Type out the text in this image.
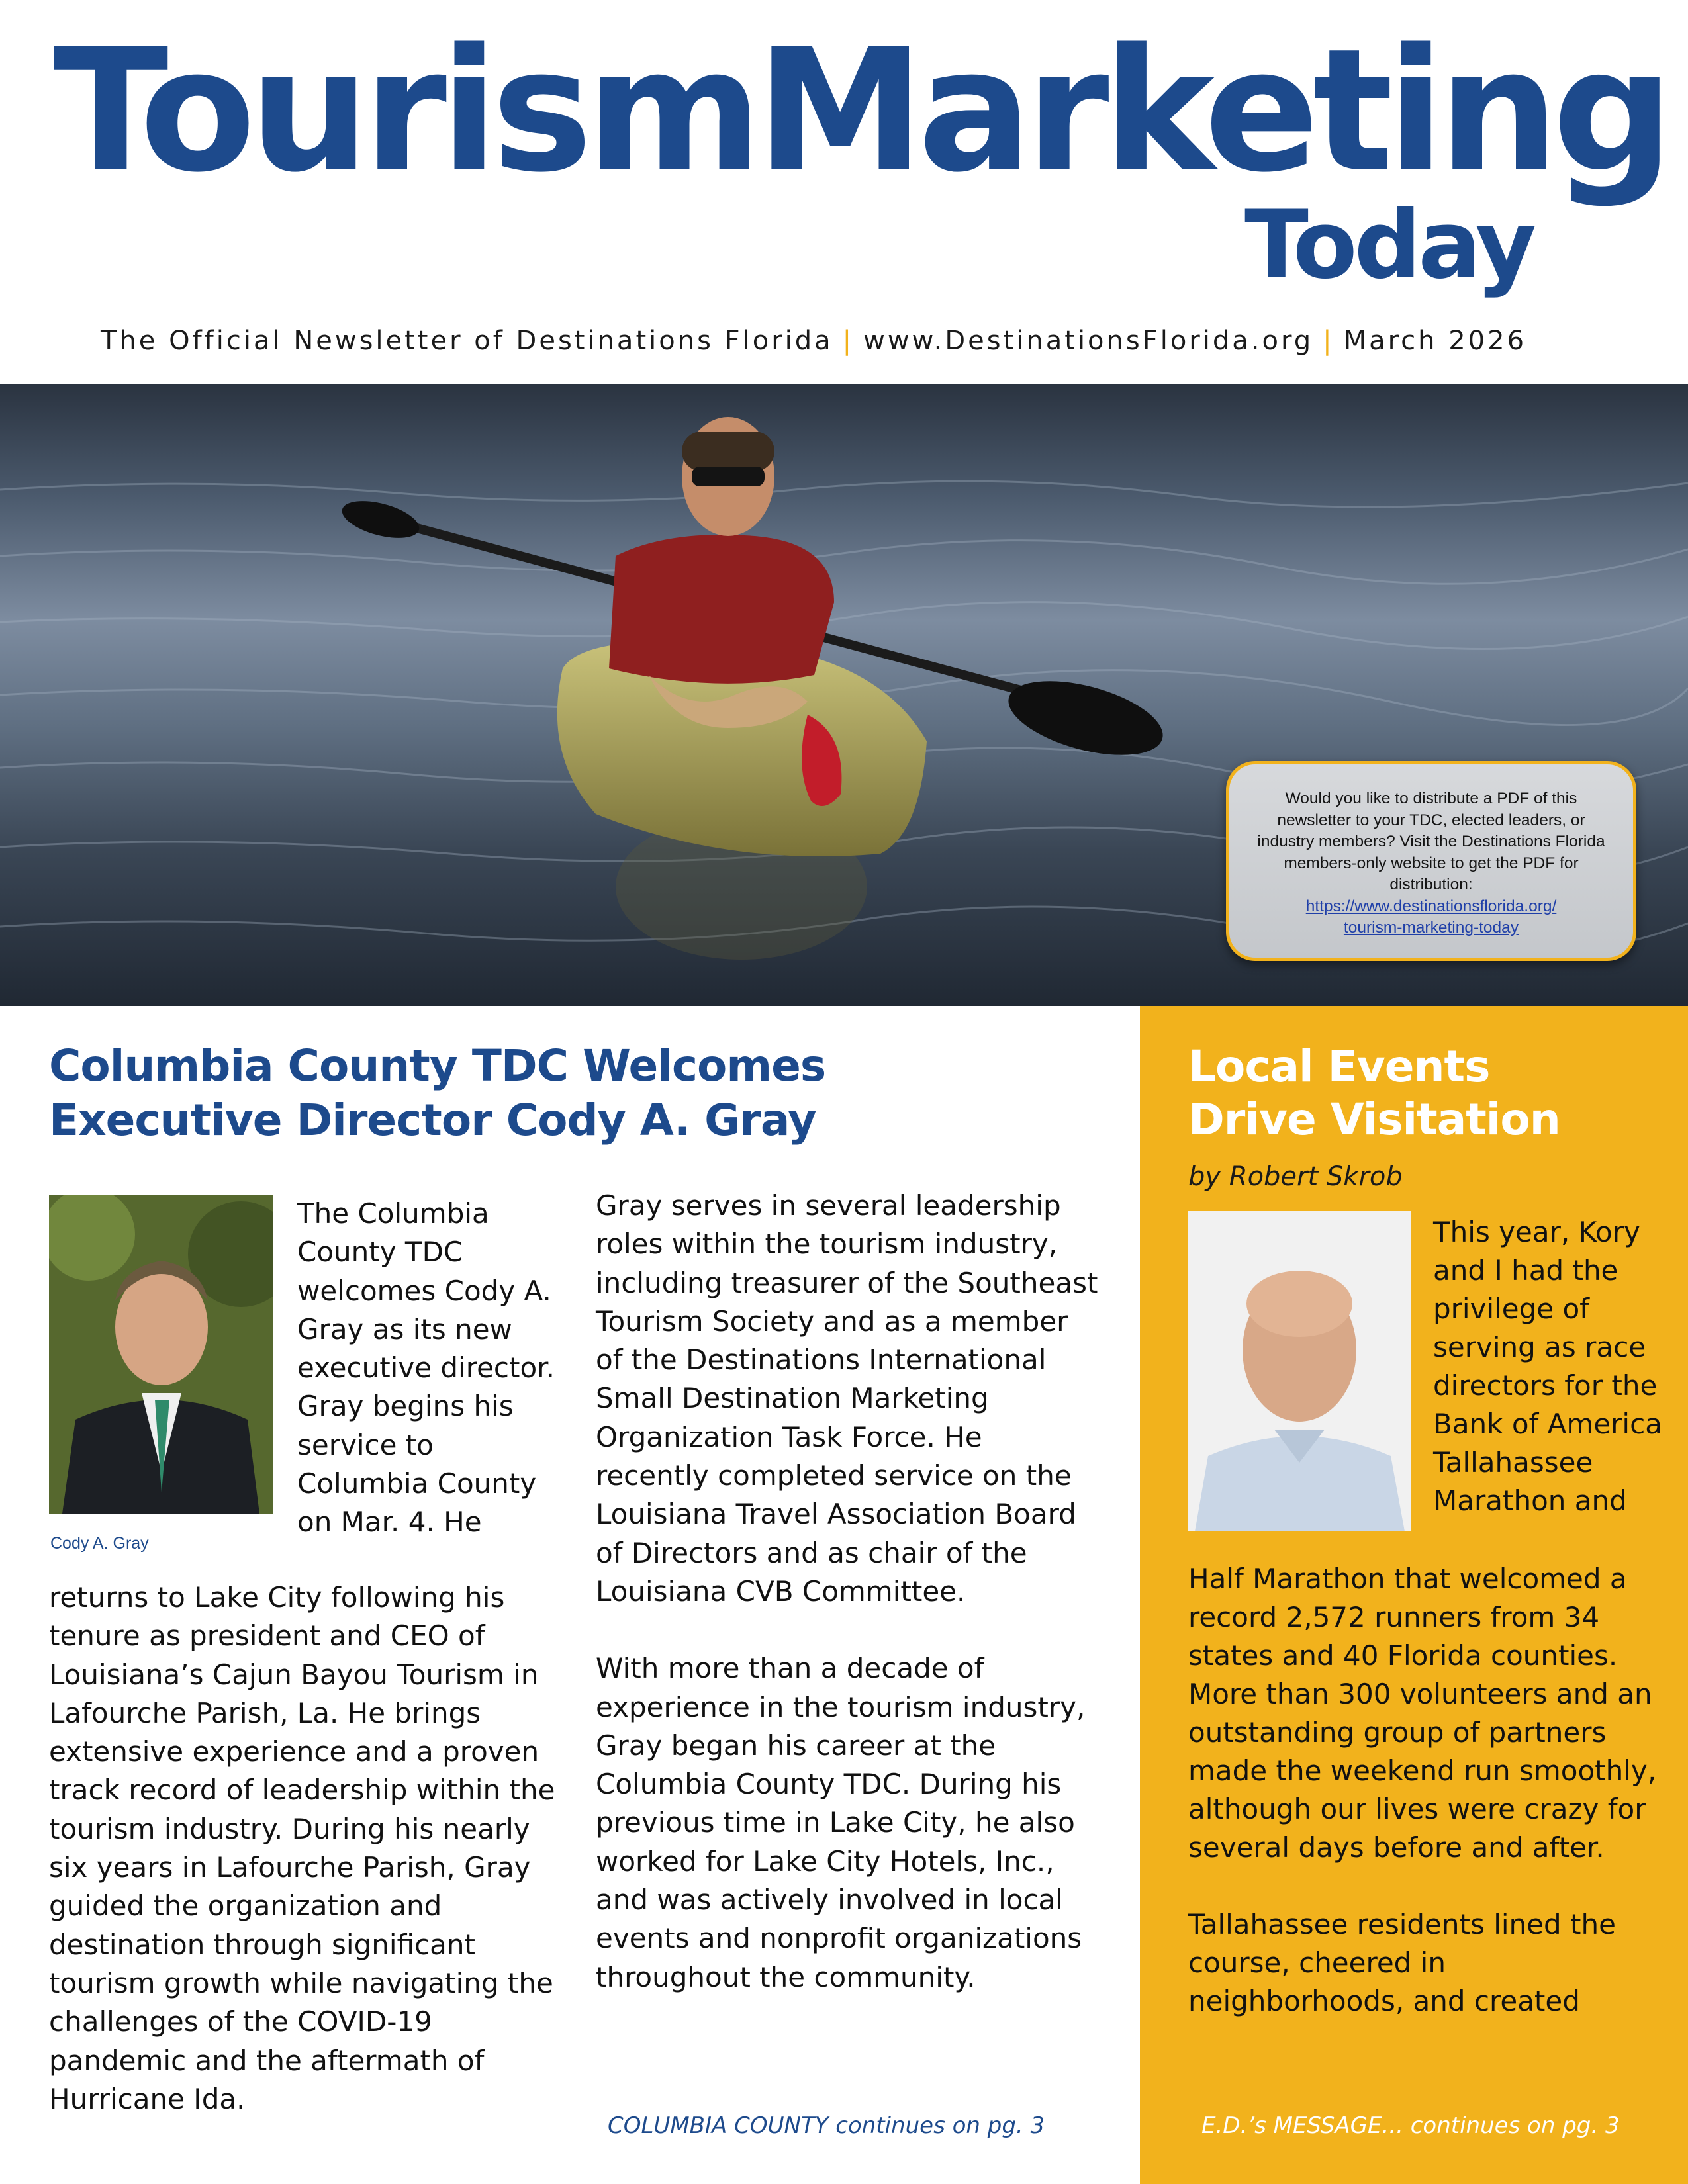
TourismMarketing
Today
The Official Newsletter of Destinations Florida | www.DestinationsFlorida.org | March 2026
Would you like to distribute a PDF of this newsletter to your TDC, elected leaders, or industry members? Visit the Destinations Florida members-only website to get the PDF for distribution:
https://www.destinationsflorida.org/
tourism-marketing-today
Columbia County TDC Welcomes
Executive Director Cody A. Gray
Cody A. Gray
The Columbia County TDC welcomes Cody A. Gray as its new executive director. Gray begins his service to Columbia County on Mar. 4. He
returns to Lake City following his tenure as president and CEO of Louisiana’s Cajun Bayou Tourism in Lafourche Parish, La. He brings extensive experience and a proven track record of leadership within the tourism industry. During his nearly six years in Lafourche Parish, Gray guided the organization and destination through significant tourism growth while navigating the challenges of the COVID-19 pandemic and the aftermath of Hurricane Ida.

Gray serves in several leadership roles within the tourism industry, including treasurer of the Southeast Tourism Society and as a member of the Destinations International Small Destination Marketing Organization Task Force. He recently completed service on the Louisiana Travel Association Board of Directors and as chair of the Louisiana CVB Committee.

With more than a decade of experience in the tourism industry, Gray began his career at the Columbia County TDC. During his previous time in Lake City, he also worked for Lake City Hotels, Inc., and was actively involved in local events and nonprofit organizations throughout the community.

COLUMBIA COUNTY continues on pg. 3
Local Events
Drive Visitation
by Robert Skrob
This year, Kory and I had the privilege of serving as race directors for the Bank of America Tallahassee Marathon and

Half Marathon that welcomed a record 2,572 runners from 34 states and 40 Florida counties. More than 300 volunteers and an outstanding group of partners made the weekend run smoothly, although our lives were crazy for several days before and after.

Tallahassee residents lined the course, cheered in neighborhoods, and created

E.D.’s MESSAGE... continues on pg. 3
